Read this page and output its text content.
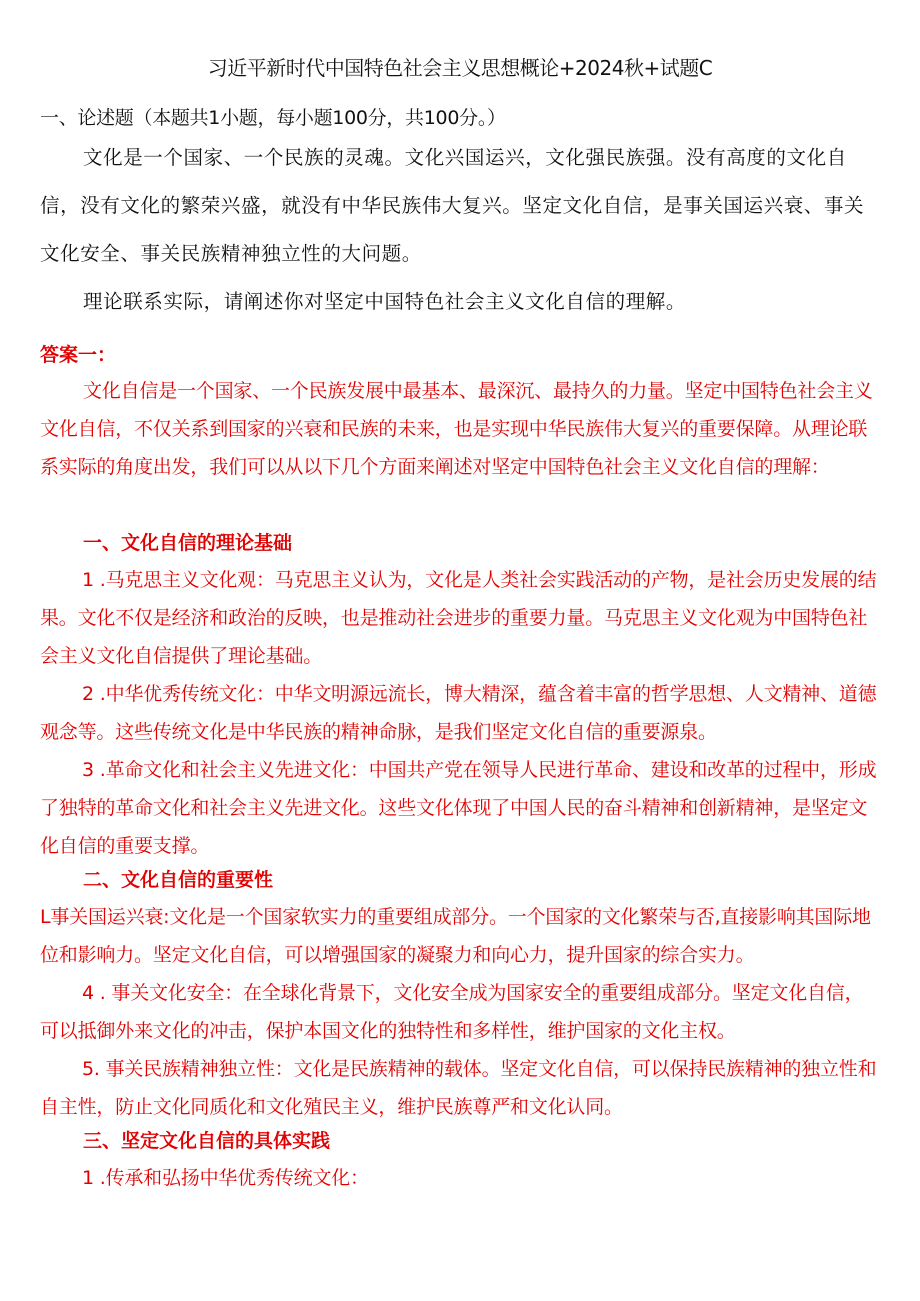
习近平新时代中国特色社会主义思想概论+2024秋+试题C
一、论述题（本题共1小题，每小题100分，共100分。）
文化是一个国家、一个民族的灵魂。文化兴国运兴，文化强民族强。没有高度的文化自信，没有文化的繁荣兴盛，就没有中华民族伟大复兴。坚定文化自信，是事关国运兴衰、事关文化安全、事关民族精神独立性的大问题。
理论联系实际，请阐述你对坚定中国特色社会主义文化自信的理解。
答案一：

文化自信是一个国家、一个民族发展中最基本、最深沉、最持久的力量。坚定中国特色社会主义文化自信，不仅关系到国家的兴衰和民族的未来，也是实现中华民族伟大复兴的重要保障。从理论联系实际的角度出发，我们可以从以下几个方面来阐述对坚定中国特色社会主义文化自信的理解：

一、文化自信的理论基础

1 .马克思主义文化观：马克思主义认为，文化是人类社会实践活动的产物，是社会历史发展的结果。文化不仅是经济和政治的反映，也是推动社会进步的重要力量。马克思主义文化观为中国特色社会主义文化自信提供了理论基础。

2 .中华优秀传统文化：中华文明源远流长，博大精深，蕴含着丰富的哲学思想、人文精神、道德观念等。这些传统文化是中华民族的精神命脉，是我们坚定文化自信的重要源泉。

3 .革命文化和社会主义先进文化：中国共产党在领导人民进行革命、建设和改革的过程中，形成了独特的革命文化和社会主义先进文化。这些文化体现了中国人民的奋斗精神和创新精神，是坚定文化自信的重要支撑。

二、文化自信的重要性

L事关国运兴衰:文化是一个国家软实力的重要组成部分。一个国家的文化繁荣与否,直接影响其国际地位和影响力。坚定文化自信，可以增强国家的凝聚力和向心力，提升国家的综合实力。

4 . 事关文化安全：在全球化背景下，文化安全成为国家安全的重要组成部分。坚定文化自信，可以抵御外来文化的冲击，保护本国文化的独特性和多样性，维护国家的文化主权。

5. 事关民族精神独立性：文化是民族精神的载体。坚定文化自信，可以保持民族精神的独立性和自主性，防止文化同质化和文化殖民主义，维护民族尊严和文化认同。

三、坚定文化自信的具体实践

1 .传承和弘扬中华优秀传统文化：
